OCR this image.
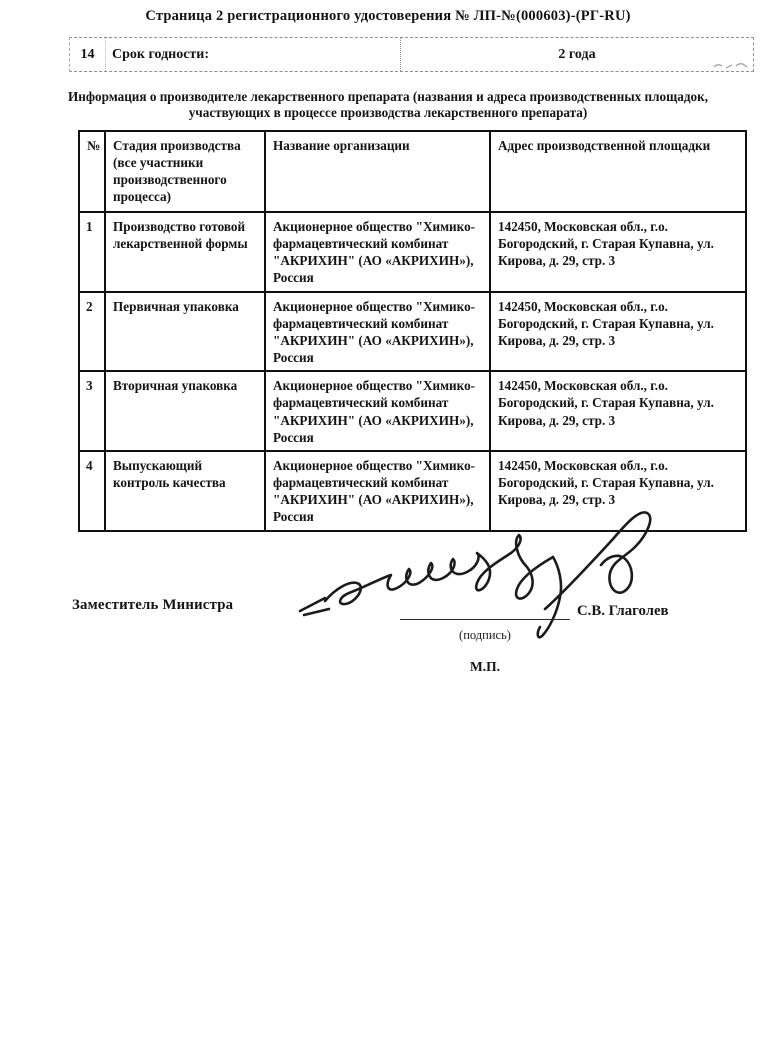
Страница 2 регистрационного удостоверения № ЛП-№(000603)-(РГ-RU)
14	Срок годности:	2 года
Информация о производителе лекарственного препарата (названия и адреса производственных площадок, участвующих в процессе производства лекарственного препарата)
№	Стадия производства (все участники производственного процесса)	Название организации	Адрес производственной площадки
1	Производство готовой лекарственной формы	Акционерное общество "Химико-фармацевтический комбинат "АКРИХИН" (АО «АКРИХИН»), Россия	142450, Московская обл., г.о. Богородский, г. Старая Купавна, ул. Кирова, д. 29, стр. 3
2	Первичная упаковка	Акционерное общество "Химико-фармацевтический комбинат "АКРИХИН" (АО «АКРИХИН»), Россия	142450, Московская обл., г.о. Богородский, г. Старая Купавна, ул. Кирова, д. 29, стр. 3
3	Вторичная упаковка	Акционерное общество "Химико-фармацевтический комбинат "АКРИХИН" (АО «АКРИХИН»), Россия	142450, Московская обл., г.о. Богородский, г. Старая Купавна, ул. Кирова, д. 29, стр. 3
4	Выпускающий контроль качества	Акционерное общество "Химико-фармацевтический комбинат "АКРИХИН" (АО «АКРИХИН»), Россия	142450, Московская обл., г.о. Богородский, г. Старая Купавна, ул. Кирова, д. 29, стр. 3
Заместитель Министра	С.В. Глаголев
(подпись)
М.П.
